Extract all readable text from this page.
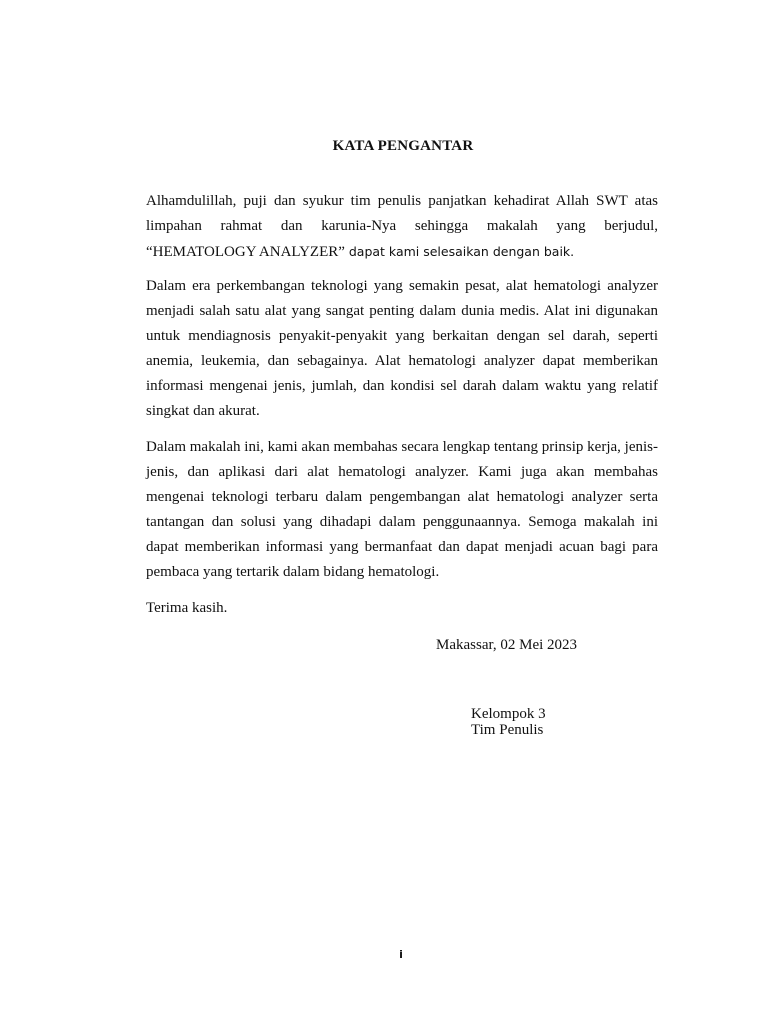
KATA PENGANTAR

Alhamdulillah, puji dan syukur tim penulis panjatkan kehadirat Allah SWT atas limpahan rahmat dan karunia-Nya sehingga makalah yang berjudul, “HEMATOLOGY ANALYZER” dapat kami selesaikan dengan baik.

Dalam era perkembangan teknologi yang semakin pesat, alat hematologi analyzer menjadi salah satu alat yang sangat penting dalam dunia medis. Alat ini digunakan untuk mendiagnosis penyakit-penyakit yang berkaitan dengan sel darah, seperti anemia, leukemia, dan sebagainya. Alat hematologi analyzer dapat memberikan informasi mengenai jenis, jumlah, dan kondisi sel darah dalam waktu yang relatif singkat dan akurat.

Dalam makalah ini, kami akan membahas secara lengkap tentang prinsip kerja, jenis-jenis, dan aplikasi dari alat hematologi analyzer. Kami juga akan membahas mengenai teknologi terbaru dalam pengembangan alat hematologi analyzer serta tantangan dan solusi yang dihadapi dalam penggunaannya. Semoga makalah ini dapat memberikan informasi yang bermanfaat dan dapat menjadi acuan bagi para pembaca yang tertarik dalam bidang hematologi.

Terima kasih.

Makassar, 02 Mei 2023
Kelompok 3
Tim Penulis
i
